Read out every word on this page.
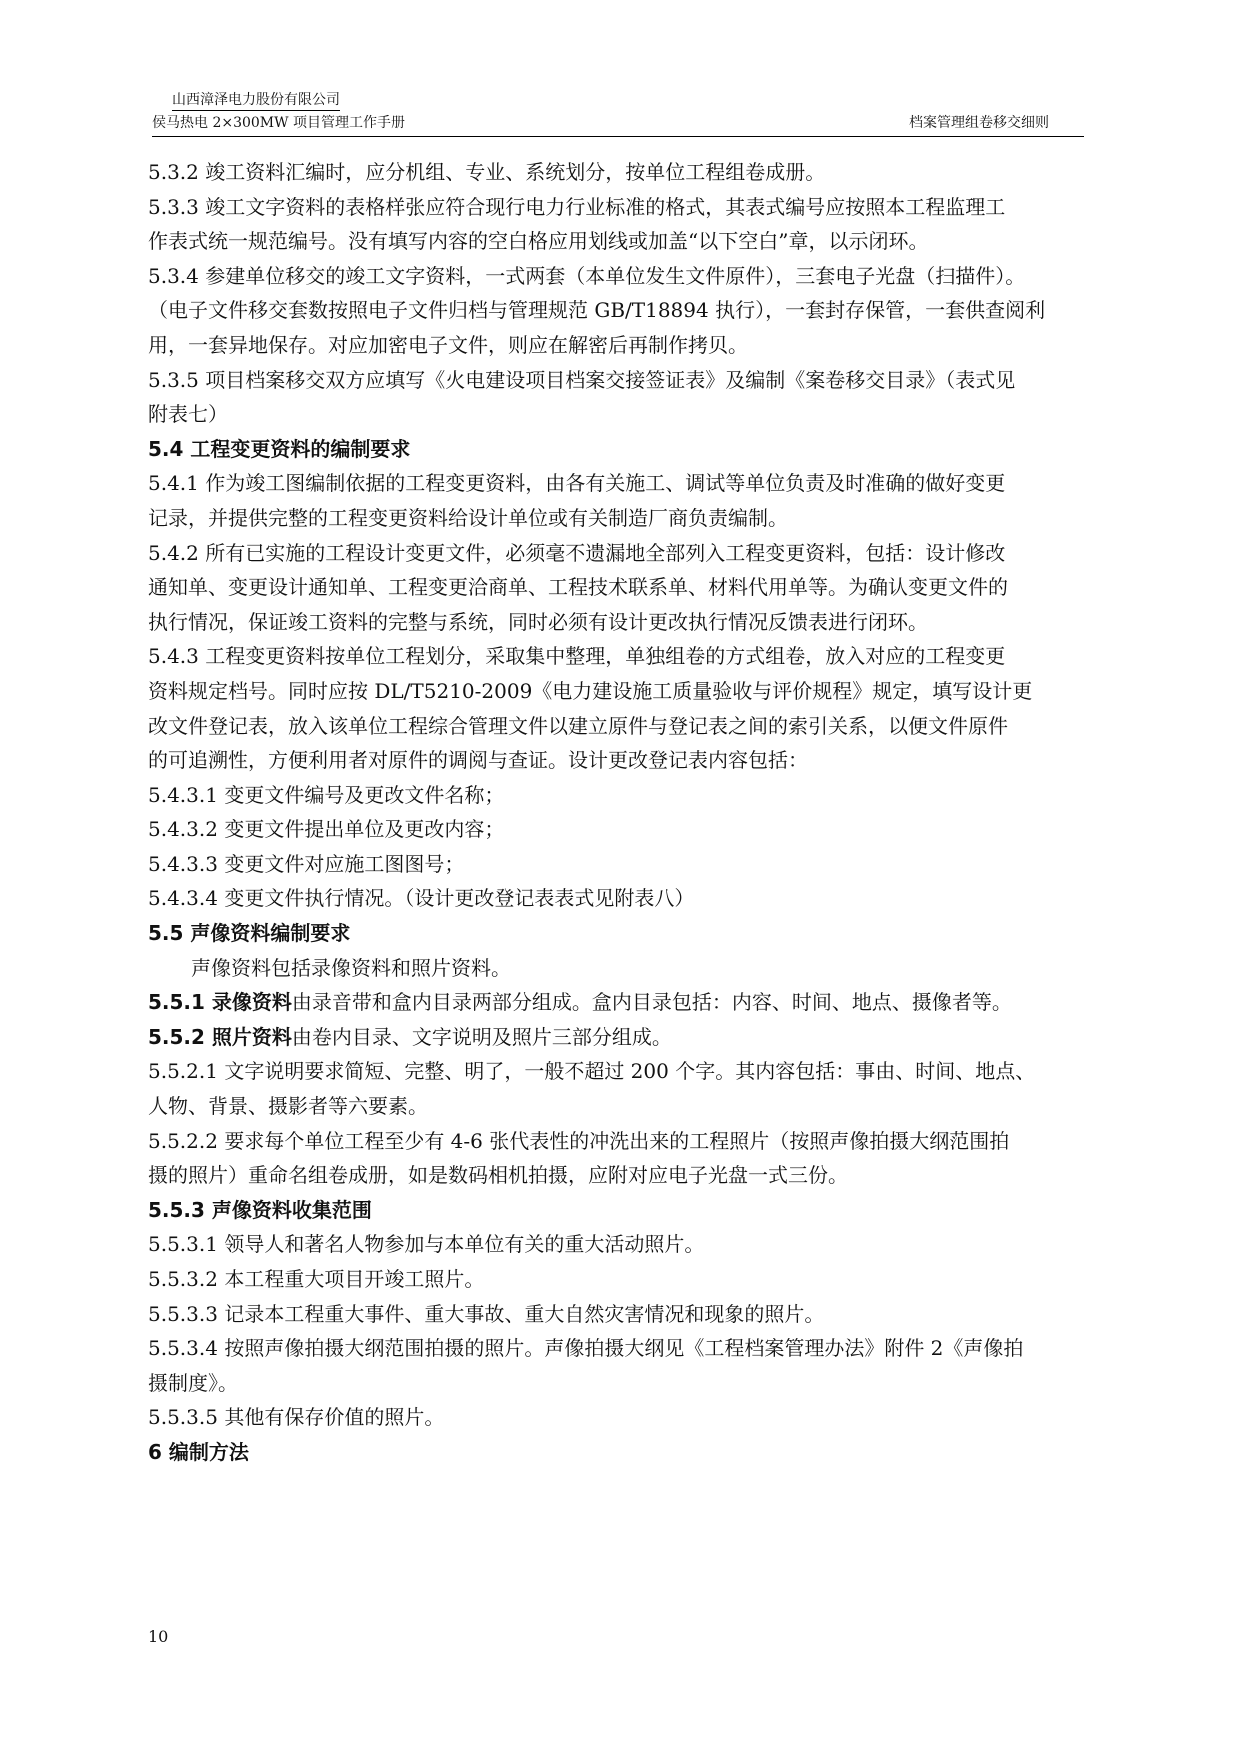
山西漳泽电力股份有限公司
侯马热电 2×300MW 项目管理工作手册	档案管理组卷移交细则
5.3.2 竣工资料汇编时，应分机组、专业、系统划分，按单位工程组卷成册。
5.3.3 竣工文字资料的表格样张应符合现行电力行业标准的格式，其表式编号应按照本工程监理工
作表式统一规范编号。没有填写内容的空白格应用划线或加盖“以下空白”章，以示闭环。
5.3.4 参建单位移交的竣工文字资料，一式两套（本单位发生文件原件），三套电子光盘（扫描件）。
（电子文件移交套数按照电子文件归档与管理规范 GB/T18894 执行），一套封存保管，一套供查阅利
用，一套异地保存。对应加密电子文件，则应在解密后再制作拷贝。
5.3.5 项目档案移交双方应填写《火电建设项目档案交接签证表》及编制《案卷移交目录》（表式见
附表七）
5.4 工程变更资料的编制要求
5.4.1 作为竣工图编制依据的工程变更资料，由各有关施工、调试等单位负责及时准确的做好变更
记录，并提供完整的工程变更资料给设计单位或有关制造厂商负责编制。
5.4.2 所有已实施的工程设计变更文件，必须毫不遗漏地全部列入工程变更资料，包括：设计修改
通知单、变更设计通知单、工程变更洽商单、工程技术联系单、材料代用单等。为确认变更文件的
执行情况，保证竣工资料的完整与系统，同时必须有设计更改执行情况反馈表进行闭环。
5.4.3 工程变更资料按单位工程划分，采取集中整理，单独组卷的方式组卷，放入对应的工程变更
资料规定档号。同时应按 DL/T5210-2009《电力建设施工质量验收与评价规程》规定，填写设计更
改文件登记表，放入该单位工程综合管理文件以建立原件与登记表之间的索引关系，以便文件原件
的可追溯性，方便利用者对原件的调阅与查证。设计更改登记表内容包括：
5.4.3.1 变更文件编号及更改文件名称；
5.4.3.2 变更文件提出单位及更改内容；
5.4.3.3 变更文件对应施工图图号；
5.4.3.4 变更文件执行情况。（设计更改登记表表式见附表八）
5.5 声像资料编制要求
声像资料包括录像资料和照片资料。
5.5.1 录像资料由录音带和盒内目录两部分组成。盒内目录包括：内容、时间、地点、摄像者等。
5.5.2 照片资料由卷内目录、文字说明及照片三部分组成。
5.5.2.1 文字说明要求简短、完整、明了，一般不超过 200 个字。其内容包括：事由、时间、地点、
人物、背景、摄影者等六要素。
5.5.2.2 要求每个单位工程至少有 4-6 张代表性的冲洗出来的工程照片（按照声像拍摄大纲范围拍
摄的照片）重命名组卷成册，如是数码相机拍摄，应附对应电子光盘一式三份。
5.5.3 声像资料收集范围
5.5.3.1 领导人和著名人物参加与本单位有关的重大活动照片。
5.5.3.2 本工程重大项目开竣工照片。
5.5.3.3 记录本工程重大事件、重大事故、重大自然灾害情况和现象的照片。
5.5.3.4 按照声像拍摄大纲范围拍摄的照片。声像拍摄大纲见《工程档案管理办法》附件 2《声像拍
摄制度》。
5.5.3.5 其他有保存价值的照片。
6 编制方法
10
